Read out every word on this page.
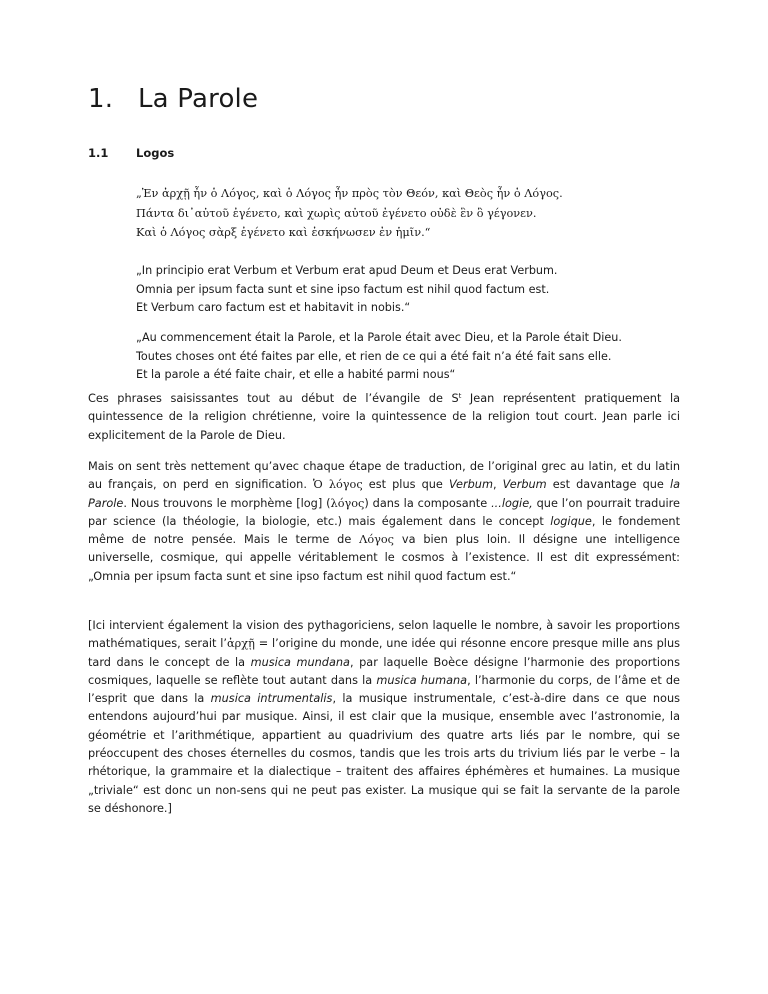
1. La Parole
1.1 Logos
„Ἐν ἀρχῇ ἦν ὁ Λόγος, καὶ ὁ Λόγος ἦν πρὸς τὸν Θεόν, καὶ Θεὸς ἦν ὁ Λόγος.
Πάντα δι᾽αὐτοῦ ἐγένετο, καὶ χωρὶς αὐτοῦ ἐγένετο οὐδὲ ἓν ὃ γέγονεν.
Καὶ ὁ Λόγος σὰρξ ἐγένετο καὶ ἐσκήνωσεν ἐν ἡμῖν.“
„In principio erat Verbum et Verbum erat apud Deum et Deus erat Verbum.
Omnia per ipsum facta sunt et sine ipso factum est nihil quod factum est.
Et Verbum caro factum est et habitavit in nobis.“
„Au commencement était la Parole, et la Parole était avec Dieu, et la Parole était Dieu.
Toutes choses ont été faites par elle, et rien de ce qui a été fait n’a été fait sans elle.
Et la parole a été faite chair, et elle a habité parmi nous“

Ces phrases saisissantes tout au début de l’évangile de $S^t$ Jean représentent pratiquement la quintessence de la religion chrétienne, voire la quintessence de la religion tout court. Jean parle ici explicitement de la Parole de Dieu.

Mais on sent très nettement qu’avec chaque étape de traduction, de l’original grec au latin, et du latin au français, on perd en signification. Ὁ λόγος est plus que Verbum, Verbum est davantage que la Parole. Nous trouvons le morphème [log] (λόγος) dans la composante ...logie, que l’on pourrait traduire par science (la théologie, la biologie, etc.) mais également dans le concept logique, le fondement même de notre pensée. Mais le terme de Λόγος va bien plus loin. Il désigne une intelligence universelle, cosmique, qui appelle véritablement le cosmos à l’existence. Il est dit expressément: „Omnia per ipsum facta sunt et sine ipso factum est nihil quod factum est.“

[Ici intervient également la vision des pythagoriciens, selon laquelle le nombre, à savoir les proportions mathématiques, serait l’ἀρχῇ = l’origine du monde, une idée qui résonne encore presque mille ans plus tard dans le concept de la musica mundana, par laquelle Boèce désigne l’harmonie des proportions cosmiques, laquelle se reflète tout autant dans la musica humana, l’harmonie du corps, de l’âme et de l’esprit que dans la musica intrumentalis, la musique instrumentale, c’est-à-dire dans ce que nous entendons aujourd’hui par musique. Ainsi, il est clair que la musique, ensemble avec l’astronomie, la géométrie et l’arithmétique, appartient au quadrivium des quatre arts liés par le nombre, qui se préoccupent des choses éternelles du cosmos, tandis que les trois arts du trivium liés par le verbe – la rhétorique, la grammaire et la dialectique – traitent des affaires éphémères et humaines. La musique „triviale“ est donc un non-sens qui ne peut pas exister. La musique qui se fait la servante de la parole se déshonore.]
